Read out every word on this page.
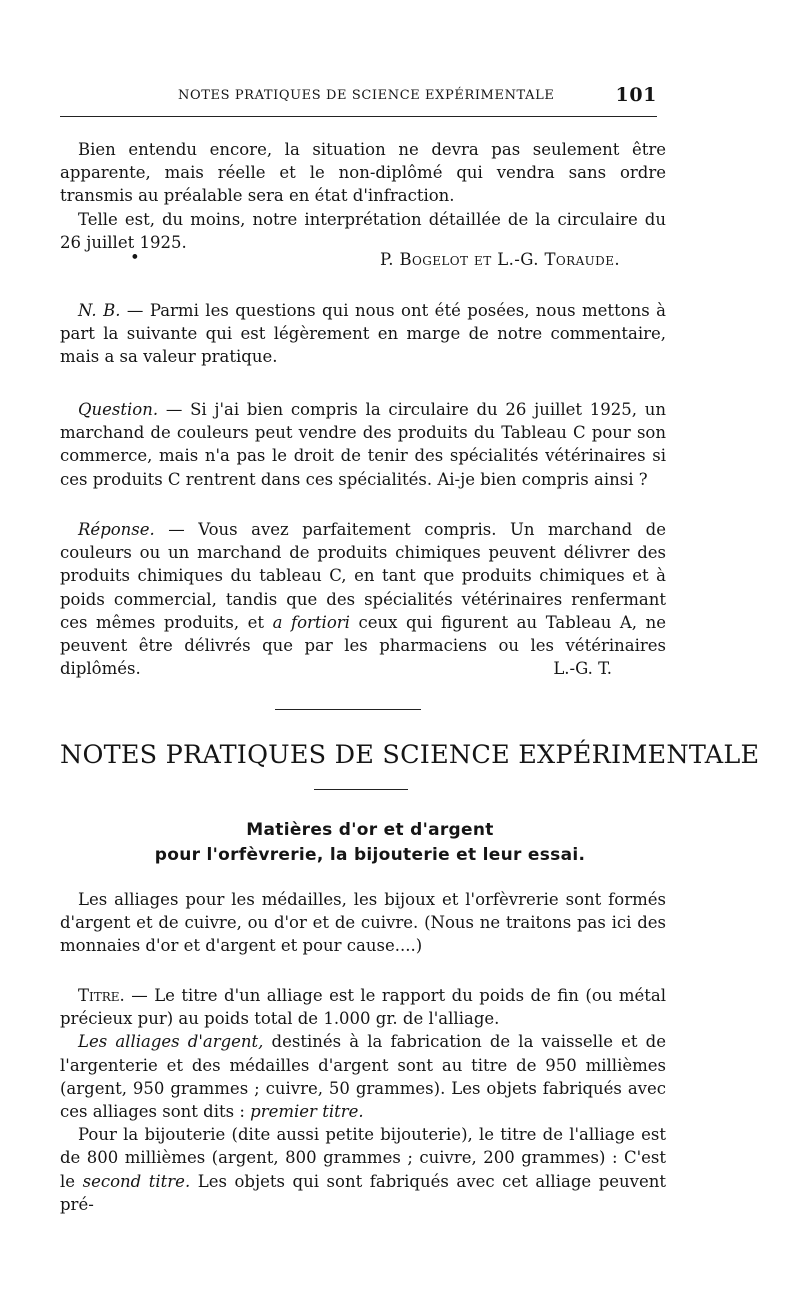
NOTES PRATIQUES DE SCIENCE EXPÉRIMENTALE	101

Bien entendu encore, la situation ne devra pas seulement être apparente, mais réelle et le non-diplômé qui vendra sans ordre transmis au préalable sera en état d'infraction.

Telle est, du moins, notre interprétation détaillée de la circulaire du 26 juillet 1925.

•	P. Bogelot et L.-G. Toraude.

N. B. — Parmi les questions qui nous ont été posées, nous mettons à part la suivante qui est légèrement en marge de notre commentaire, mais a sa valeur pratique.

Question. — Si j'ai bien compris la circulaire du 26 juillet 1925, un marchand de couleurs peut vendre des produits du Tableau C pour son commerce, mais n'a pas le droit de tenir des spécialités vétérinaires si ces produits C rentrent dans ces spécialités. Ai-je bien compris ainsi ?

Réponse. — Vous avez parfaitement compris. Un marchand de couleurs ou un marchand de produits chimiques peuvent délivrer des produits chimiques du tableau C, en tant que produits chimiques et à poids commercial, tandis que des spécialités vétérinaires renfermant ces mêmes produits, et a fortiori ceux qui figurent au Tableau A, ne peuvent être délivrés que par les pharmaciens ou les vétérinaires diplômés.	L.-G. T.

NOTES PRATIQUES DE SCIENCE EXPÉRIMENTALE
Matières d'or et d'argent
pour l'orfèvrerie, la bijouterie et leur essai.

Les alliages pour les médailles, les bijoux et l'orfèvrerie sont formés d'argent et de cuivre, ou d'or et de cuivre. (Nous ne traitons pas ici des monnaies d'or et d'argent et pour cause....)

Titre. — Le titre d'un alliage est le rapport du poids de fin (ou métal précieux pur) au poids total de 1.000 gr. de l'alliage.

Les alliages d'argent, destinés à la fabrication de la vaisselle et de l'argenterie et des médailles d'argent sont au titre de 950 millièmes (argent, 950 grammes ; cuivre, 50 grammes). Les objets fabriqués avec ces alliages sont dits : premier titre.

Pour la bijouterie (dite aussi petite bijouterie), le titre de l'alliage est de 800 millièmes (argent, 800 grammes ; cuivre, 200 grammes) : C'est le second titre. Les objets qui sont fabriqués avec cet alliage peuvent pré-
